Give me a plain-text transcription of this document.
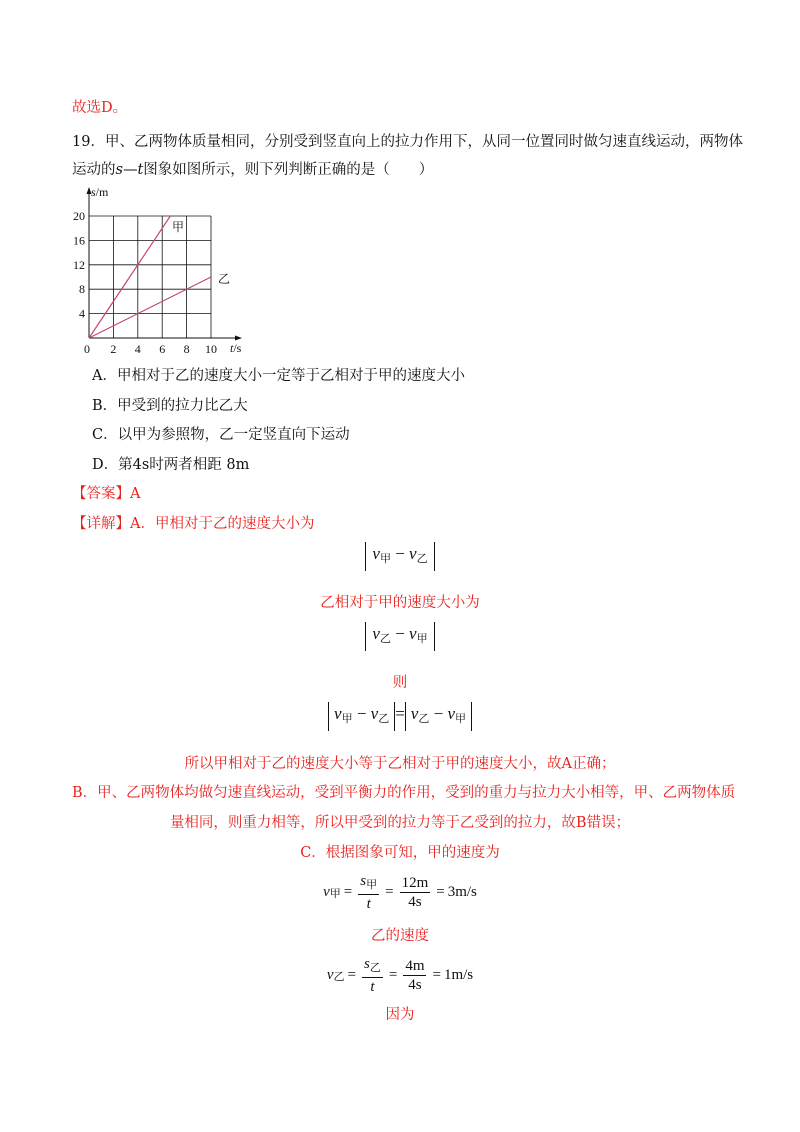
故选D。
19．甲、乙两物体质量相同，分别受到竖直向上的拉力作用下，从同一位置同时做匀速直线运动，两物体
运动的s—t图象如图所示，则下列判断正确的是（　　）
20
16
12
8
4
0 2 4 6 8 10
s/m
t/s
甲
乙
A．甲相对于乙的速度大小一定等于乙相对于甲的速度大小
B．甲受到的拉力比乙大
C．以甲为参照物，乙一定竖直向下运动
D．第4s时两者相距 8m
【答案】A
【详解】A．甲相对于乙的速度大小为
$v_甲 - v_乙$
乙相对于甲的速度大小为
$v_乙 - v_甲$
则
$v_甲 - v_乙 = v_乙 - v_甲$
所以甲相对于乙的速度大小等于乙相对于甲的速度大小，故A正确；
B．甲、乙两物体均做匀速直线运动，受到平衡力的作用，受到的重力与拉力大小相等，甲、乙两物体质
量相同，则重力相等，所以甲受到的拉力等于乙受到的拉力，故B错误；
C．根据图象可知，甲的速度为
v 甲 = $\frac{s_甲}{t} = \frac{12m}{4s} = 3m/s$
乙的速度
v 乙 = $\frac{s_乙}{t} = \frac{4m}{4s} = 1m/s$
因为
